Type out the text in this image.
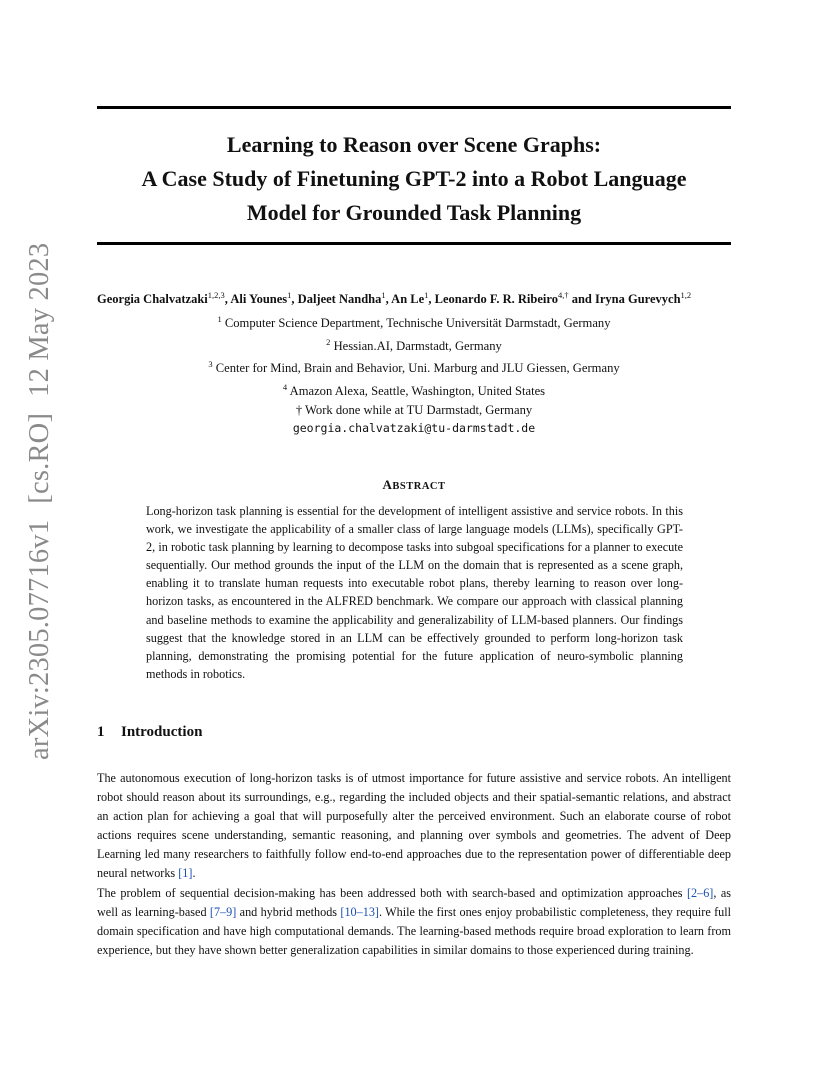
arXiv:2305.07716v1[cs.RO]12 May 2023
Learning to Reason over Scene Graphs:
A Case Study of Finetuning GPT-2 into a Robot Language
Model for Grounded Task Planning
Georgia Chalvatzaki$^{1,2,3}$, Ali Younes$^1$, Daljeet Nandha$^1$, An Le$^1$, Leonardo F. R. Ribeiro$^{4,\dagger}$ and Iryna Gurevych$^{1,2}$
$^1$ Computer Science Department, Technische Universität Darmstadt, Germany
$^2$ Hessian.AI, Darmstadt, Germany
$^3$ Center for Mind, Brain and Behavior, Uni. Marburg and JLU Giessen, Germany
$^4$ Amazon Alexa, Seattle, Washington, United States
† Work done while at TU Darmstadt, Germany
georgia.chalvatzaki@tu-darmstadt.de
ABSTRACT

Long-horizon task planning is essential for the development of intelligent assistive and service robots. In this work, we investigate the applicability of a smaller class of large language models (LLMs), specifically GPT-2, in robotic task planning by learning to decompose tasks into subgoal specifications for a planner to execute sequentially. Our method grounds the input of the LLM on the domain that is represented as a scene graph, enabling it to translate human requests into executable robot plans, thereby learning to reason over long-horizon tasks, as encountered in the ALFRED benchmark. We compare our approach with classical planning and baseline methods to examine the applicability and generalizability of LLM-based planners. Our findings suggest that the knowledge stored in an LLM can be effectively grounded to perform long-horizon task planning, demonstrating the promising potential for the future application of neuro-symbolic planning methods in robotics.

1 Introduction

The autonomous execution of long-horizon tasks is of utmost importance for future assistive and service robots. An intelligent robot should reason about its surroundings, e.g., regarding the included objects and their spatial-semantic relations, and abstract an action plan for achieving a goal that will purposefully alter the perceived environment. Such an elaborate course of robot actions requires scene understanding, semantic reasoning, and planning over symbols and geometries. The advent of Deep Learning led many researchers to faithfully follow end-to-end approaches due to the representation power of differentiable deep neural networks [1].

The problem of sequential decision-making has been addressed both with search-based and optimization approaches [2–6], as well as learning-based [7–9] and hybrid methods [10–13]. While the first ones enjoy probabilistic completeness, they require full domain specification and have high computational demands. The learning-based methods require broad exploration to learn from experience, but they have shown better generalization capabilities in similar domains to those experienced during training.
